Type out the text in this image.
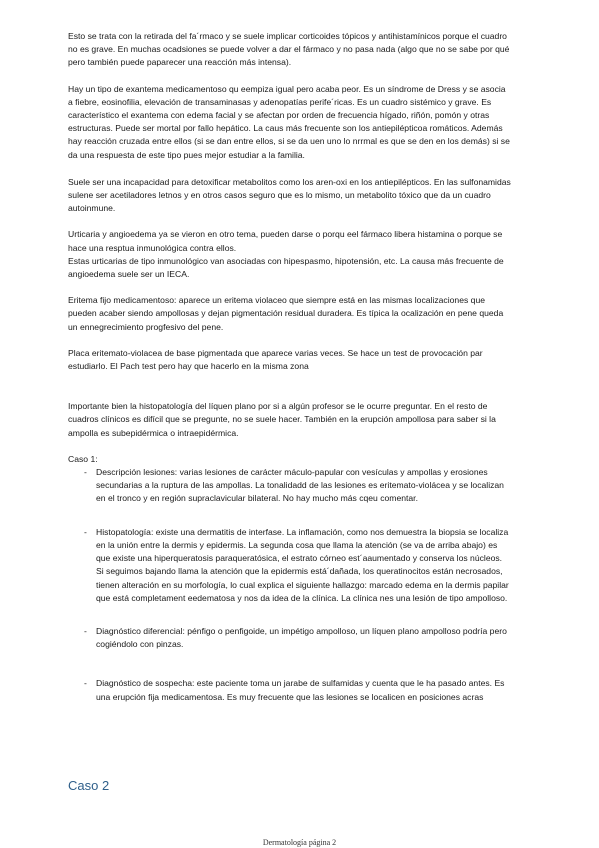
Esto se trata con la retirada del fa´rmaco y se suele implicar corticoides tópicos y antihistamínicos porque el cuadro no es grave. En muchas ocadsiones se puede volver a dar el fármaco y no pasa nada (algo que no se sabe por qué pero también puede paparecer una reacción más intensa).

Hay un tipo de exantema medicamentoso qu eempiza igual pero acaba peor. Es un síndrome de Dress y se asocia a fiebre, eosinofilia, elevación de transaminasas y adenopatías perife´ricas. Es un cuadro sistémico y grave. Es característico el exantema con edema facial y se afectan por orden de frecuencia hígado, riñón, pomón y otras estructuras. Puede ser mortal por fallo hepático. La caus más frecuente son los antiepilépticoa romáticos. Además hay reacción cruzada entre ellos (si se dan entre ellos, si se da uen uno lo nrrmal es que se den en los demás) si se da una respuesta de este tipo pues mejor estudiar a la familia.

Suele ser una incapacidad para detoxificar metabolitos como los aren-oxi en los antiepilépticos. En las sulfonamidas sulene ser acetiladores letnos y en otros casos seguro que es lo mismo, un metabolito tóxico que da un cuadro autoinmune.

Urticaria y angioedema ya se vieron en otro tema, pueden darse o porqu eel fármaco libera histamina o porque se hace una resptua inmunológica contra ellos.
Estas urticarias de tipo inmunológico van asociadas con hipespasmo, hipotensión, etc. La causa más frecuente de angioedema suele ser un IECA.

Eritema fijo medicamentoso: aparece un eritema violaceo que siempre está en las mismas localizaciones que pueden acaber siendo ampollosas y dejan pigmentación residual duradera. Es típica la ocalización en pene queda un ennegrecimiento progfesivo del pene.

Placa eritemato-violacea de base pigmentada que aparece varias veces. Se hace un test de provocación par estudiarlo. El Pach test pero hay que hacerlo en la misma zona

Importante bien la histopatología del líquen plano por si a algún profesor se le ocurre preguntar. En el resto de cuadros clínicos es difícil que se pregunte, no se suele hacer. También en la erupción ampollosa para saber si la ampolla es subepidérmica o intraepidérmica.

Caso 1:

- Descripción lesiones: varias lesiones de carácter máculo-papular con vesículas y ampollas y erosiones secundarias a la ruptura de las ampollas. La tonalidadd de las lesiones es eritemato-violácea y se localizan en el tronco y en región supraclavicular bilateral. No hay mucho más cqeu comentar.
- Histopatología: existe una dermatitis de interfase. La inflamación, como nos demuestra la biopsia se localiza en la unión entre la dermis y epidermis. La segunda cosa que llama la atención (se va de arriba abajo) es que existe una hiperqueratosis paraqueratósica, el estrato córneo est´aaumentado y conserva los núcleos. Si seguimos bajando llama la atención que la epidermis está´dañada, los queratinocitos están necrosados, tienen alteración en su morfología, lo cual explica el siguiente hallazgo: marcado edema en la dermis papilar que está completament eedematosa y nos da idea de la clínica. La clínica nes una lesión de tipo ampolloso.
- Diagnóstico diferencial: pénfigo o penfigoide, un impétigo ampolloso, un líquen plano ampolloso podría pero cogiéndolo con pinzas.
- Diagnóstico de sospecha: este paciente toma un jarabe de sulfamidas y cuenta que le ha pasado antes. Es una erupción fija medicamentosa. Es muy frecuente que las lesiones se localicen en posiciones acras
Caso 2
Dermatología página 2
